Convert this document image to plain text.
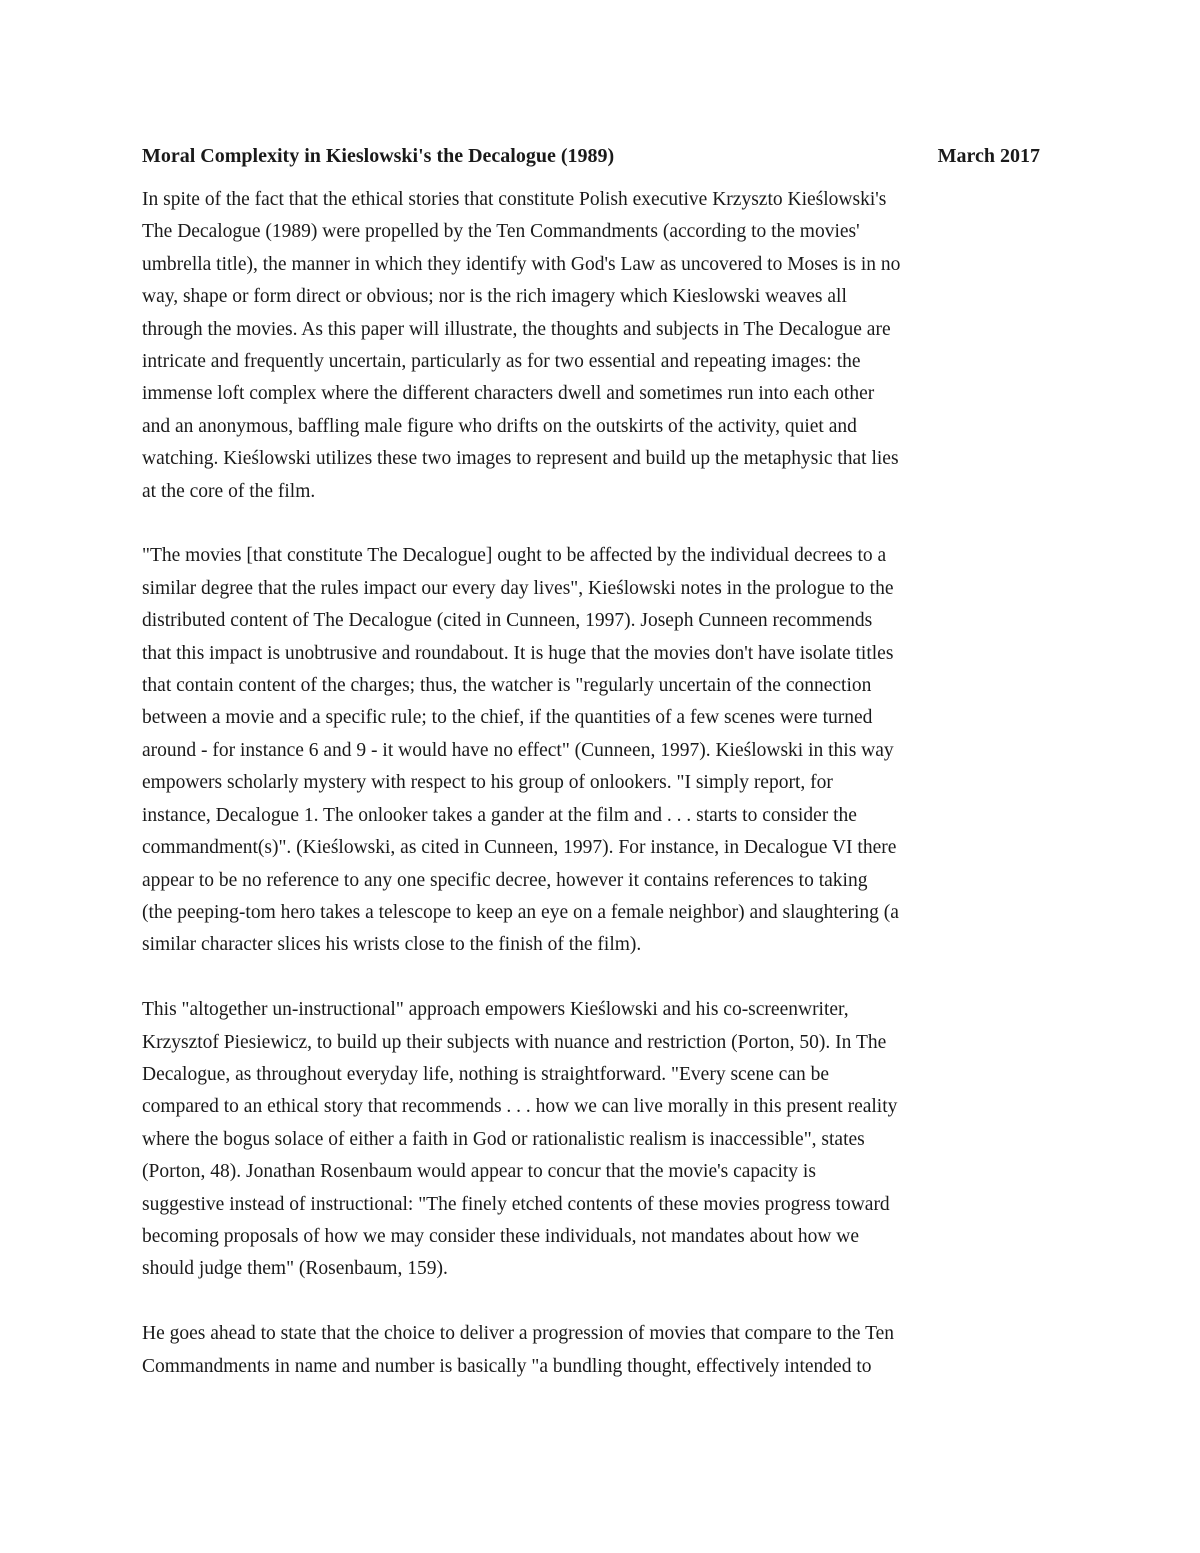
Moral Complexity in Kieslowski's the Decalogue (1989)	March 2017

In spite of the fact that the ethical stories that constitute Polish executive Krzyszto Kieślowski's
The Decalogue (1989) were propelled by the Ten Commandments (according to the movies'
umbrella title), the manner in which they identify with God's Law as uncovered to Moses is in no
way, shape or form direct or obvious; nor is the rich imagery which Kieslowski weaves all
through the movies. As this paper will illustrate, the thoughts and subjects in The Decalogue are
intricate and frequently uncertain, particularly as for two essential and repeating images: the
immense loft complex where the different characters dwell and sometimes run into each other
and an anonymous, baffling male figure who drifts on the outskirts of the activity, quiet and
watching. Kieślowski utilizes these two images to represent and build up the metaphysic that lies
at the core of the film.

"The movies [that constitute The Decalogue] ought to be affected by the individual decrees to a
similar degree that the rules impact our every day lives", Kieślowski notes in the prologue to the
distributed content of The Decalogue (cited in Cunneen, 1997). Joseph Cunneen recommends
that this impact is unobtrusive and roundabout. It is huge that the movies don't have isolate titles
that contain content of the charges; thus, the watcher is "regularly uncertain of the connection
between a movie and a specific rule; to the chief, if the quantities of a few scenes were turned
around - for instance 6 and 9 - it would have no effect" (Cunneen, 1997). Kieślowski in this way
empowers scholarly mystery with respect to his group of onlookers. "I simply report, for
instance, Decalogue 1. The onlooker takes a gander at the film and . . . starts to consider the
commandment(s)". (Kieślowski, as cited in Cunneen, 1997). For instance, in Decalogue VI there
appear to be no reference to any one specific decree, however it contains references to taking
(the peeping-tom hero takes a telescope to keep an eye on a female neighbor) and slaughtering (a
similar character slices his wrists close to the finish of the film).

This "altogether un-instructional" approach empowers Kieślowski and his co-screenwriter,
Krzysztof Piesiewicz, to build up their subjects with nuance and restriction (Porton, 50). In The
Decalogue, as throughout everyday life, nothing is straightforward. "Every scene can be
compared to an ethical story that recommends . . . how we can live morally in this present reality
where the bogus solace of either a faith in God or rationalistic realism is inaccessible", states
(Porton, 48). Jonathan Rosenbaum would appear to concur that the movie's capacity is
suggestive instead of instructional: "The finely etched contents of these movies progress toward
becoming proposals of how we may consider these individuals, not mandates about how we
should judge them" (Rosenbaum, 159).

He goes ahead to state that the choice to deliver a progression of movies that compare to the Ten
Commandments in name and number is basically "a bundling thought, effectively intended to
